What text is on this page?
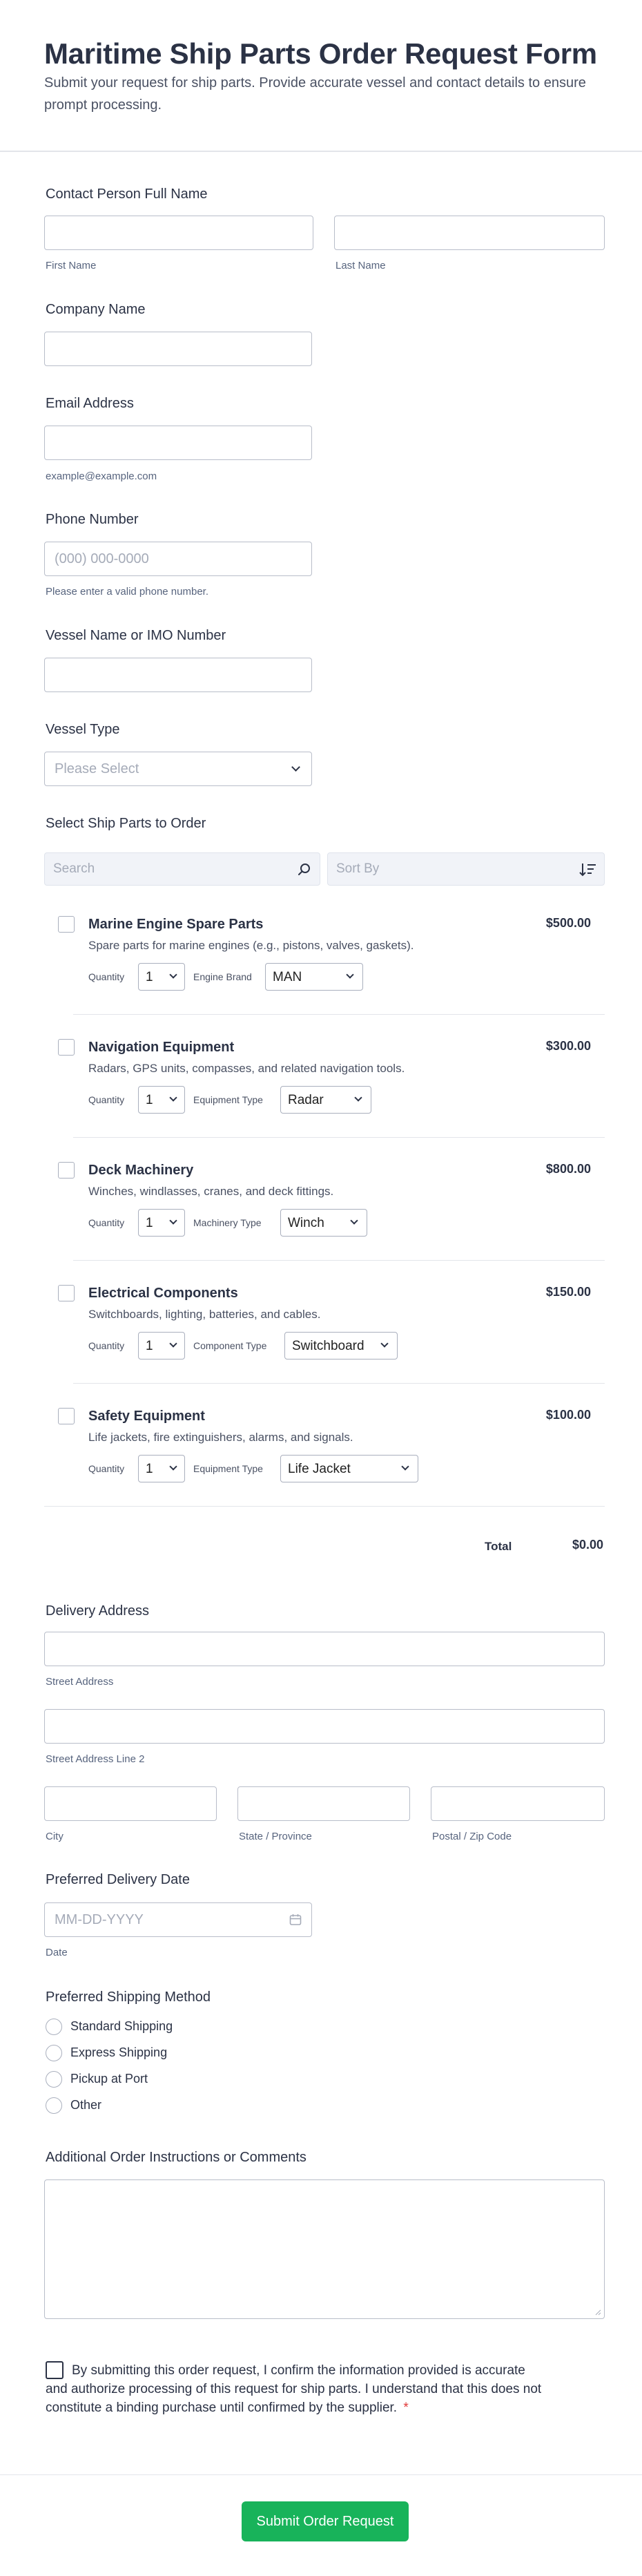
Maritime Ship Parts Order Request Form
Submit your request for ship parts. Provide accurate vessel and contact details to ensure prompt processing.
Contact Person Full Name
First Name	Last Name
Company Name
Email Address
example@example.com
Phone Number
(000) 000-0000
Please enter a valid phone number.
Vessel Name or IMO Number
Vessel Type
Please Select
Select Ship Parts to Order
Search	Sort By
Marine Engine Spare Parts	$500.00
Spare parts for marine engines (e.g., pistons, valves, gaskets).
Quantity 1	Engine Brand MAN
Navigation Equipment	$300.00
Radars, GPS units, compasses, and related navigation tools.
Quantity 1	Equipment Type Radar
Deck Machinery	$800.00
Winches, windlasses, cranes, and deck fittings.
Quantity 1	Machinery Type Winch
Electrical Components	$150.00
Switchboards, lighting, batteries, and cables.
Quantity 1	Component Type Switchboard
Safety Equipment	$100.00
Life jackets, fire extinguishers, alarms, and signals.
Quantity 1	Equipment Type Life Jacket
Total	$0.00
Delivery Address
Street Address
Street Address Line 2
City	State / Province	Postal / Zip Code
Preferred Delivery Date
MM-DD-YYYY
Date
Preferred Shipping Method
Standard Shipping
Express Shipping
Pickup at Port
Other
Additional Order Instructions or Comments
By submitting this order request, I confirm the information provided is accurate and authorize processing of this request for ship parts. I understand that this does not constitute a binding purchase until confirmed by the supplier. *
Submit Order Request
